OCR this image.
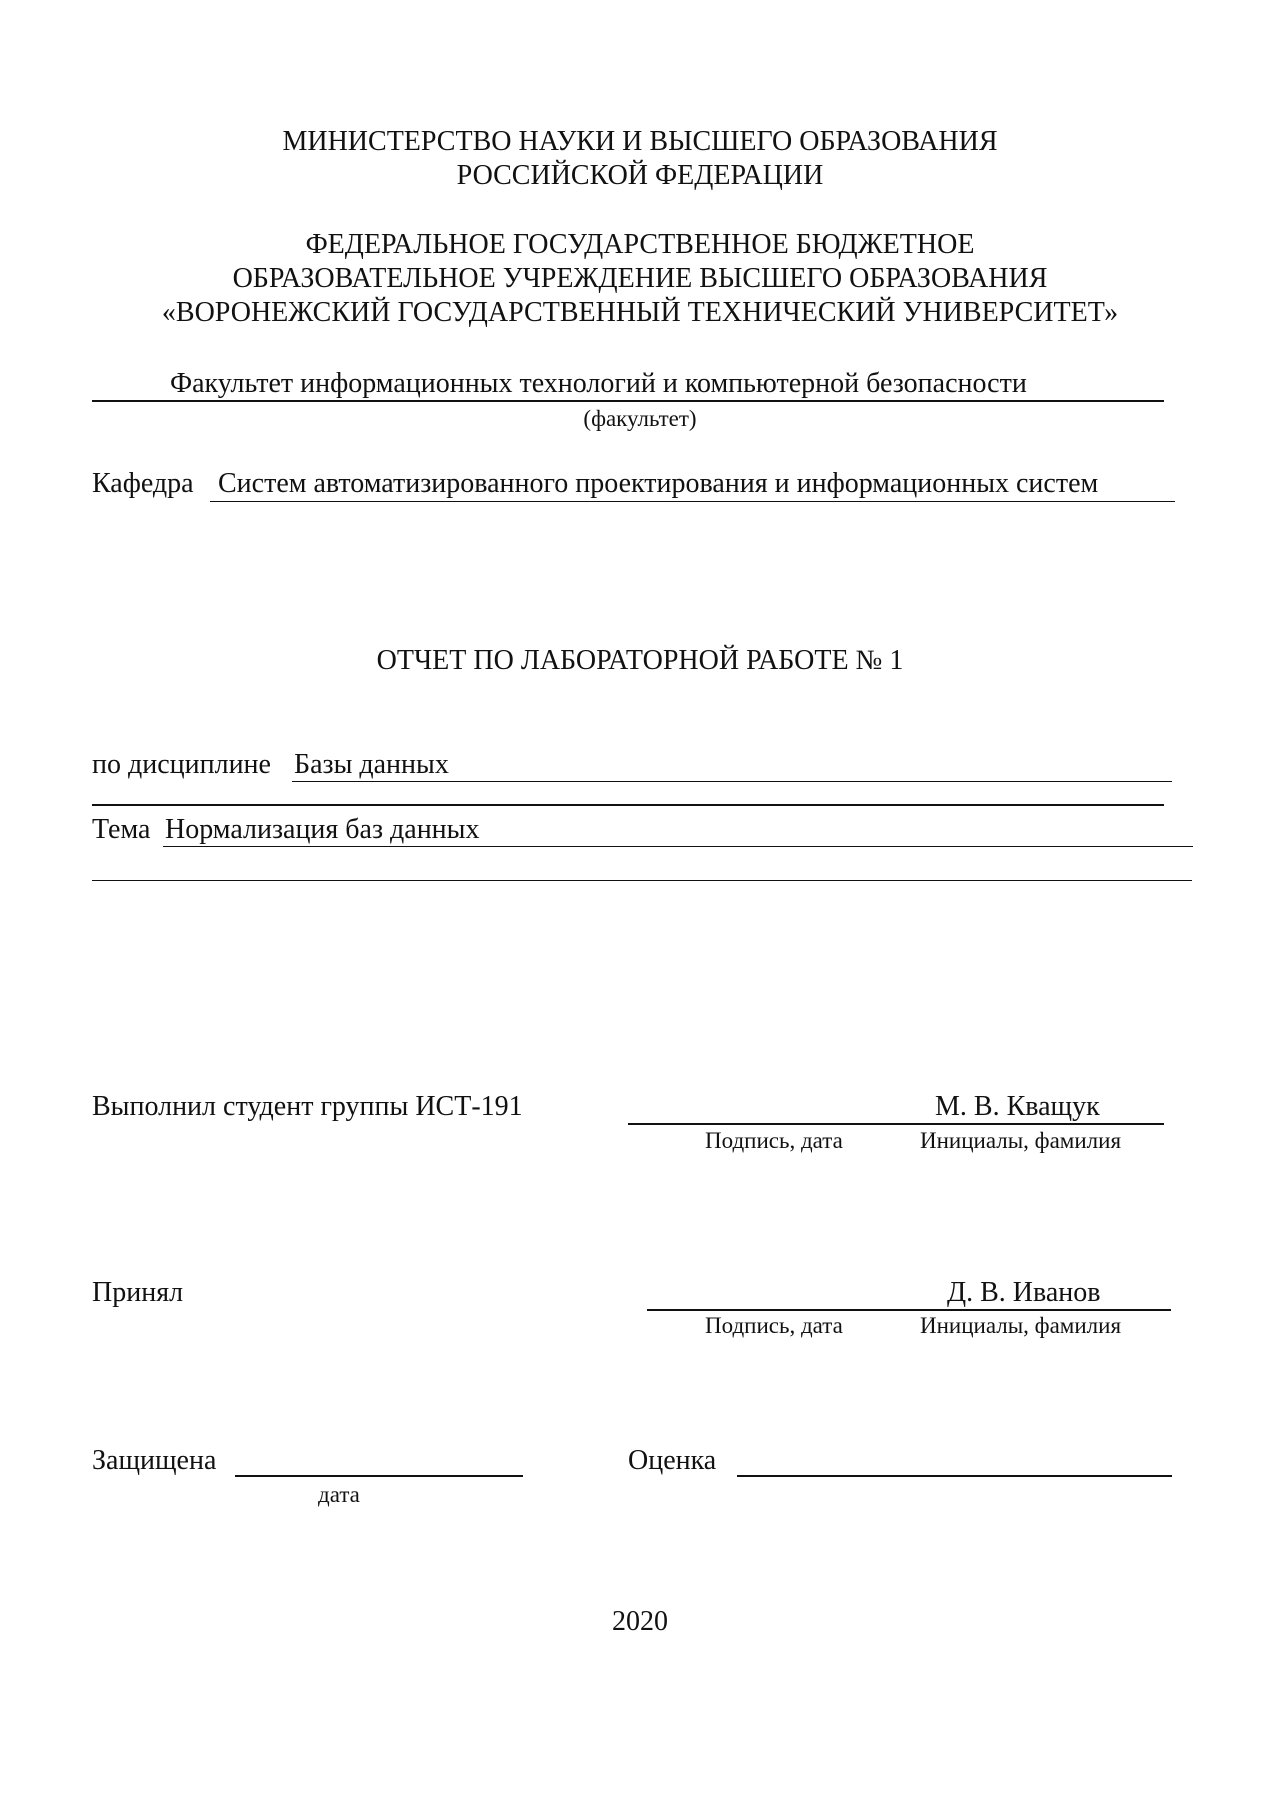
МИНИСТЕРСТВО НАУКИ И ВЫСШЕГО ОБРАЗОВАНИЯ
РОССИЙСКОЙ ФЕДЕРАЦИИ
ФЕДЕРАЛЬНОЕ ГОСУДАРСТВЕННОЕ БЮДЖЕТНОЕ
ОБРАЗОВАТЕЛЬНОЕ УЧРЕЖДЕНИЕ ВЫСШЕГО ОБРАЗОВАНИЯ
«ВОРОНЕЖСКИЙ ГОСУДАРСТВЕННЫЙ ТЕХНИЧЕСКИЙ УНИВЕРСИТЕТ»
Факультет информационных технологий и компьютерной безопасности
(факультет)
Кафедра Систем автоматизированного проектирования и информационных систем
ОТЧЕТ ПО ЛАБОРАТОРНОЙ РАБОТЕ № 1
по дисциплине Базы данных
Тема Нормализация баз данных
Выполнил студент группы ИСТ-191	М. В. Кващук
Подпись, дата	Инициалы, фамилия
Принял	Д. В. Иванов
Подпись, дата	Инициалы, фамилия
Защищена
дата
Оценка
2020
